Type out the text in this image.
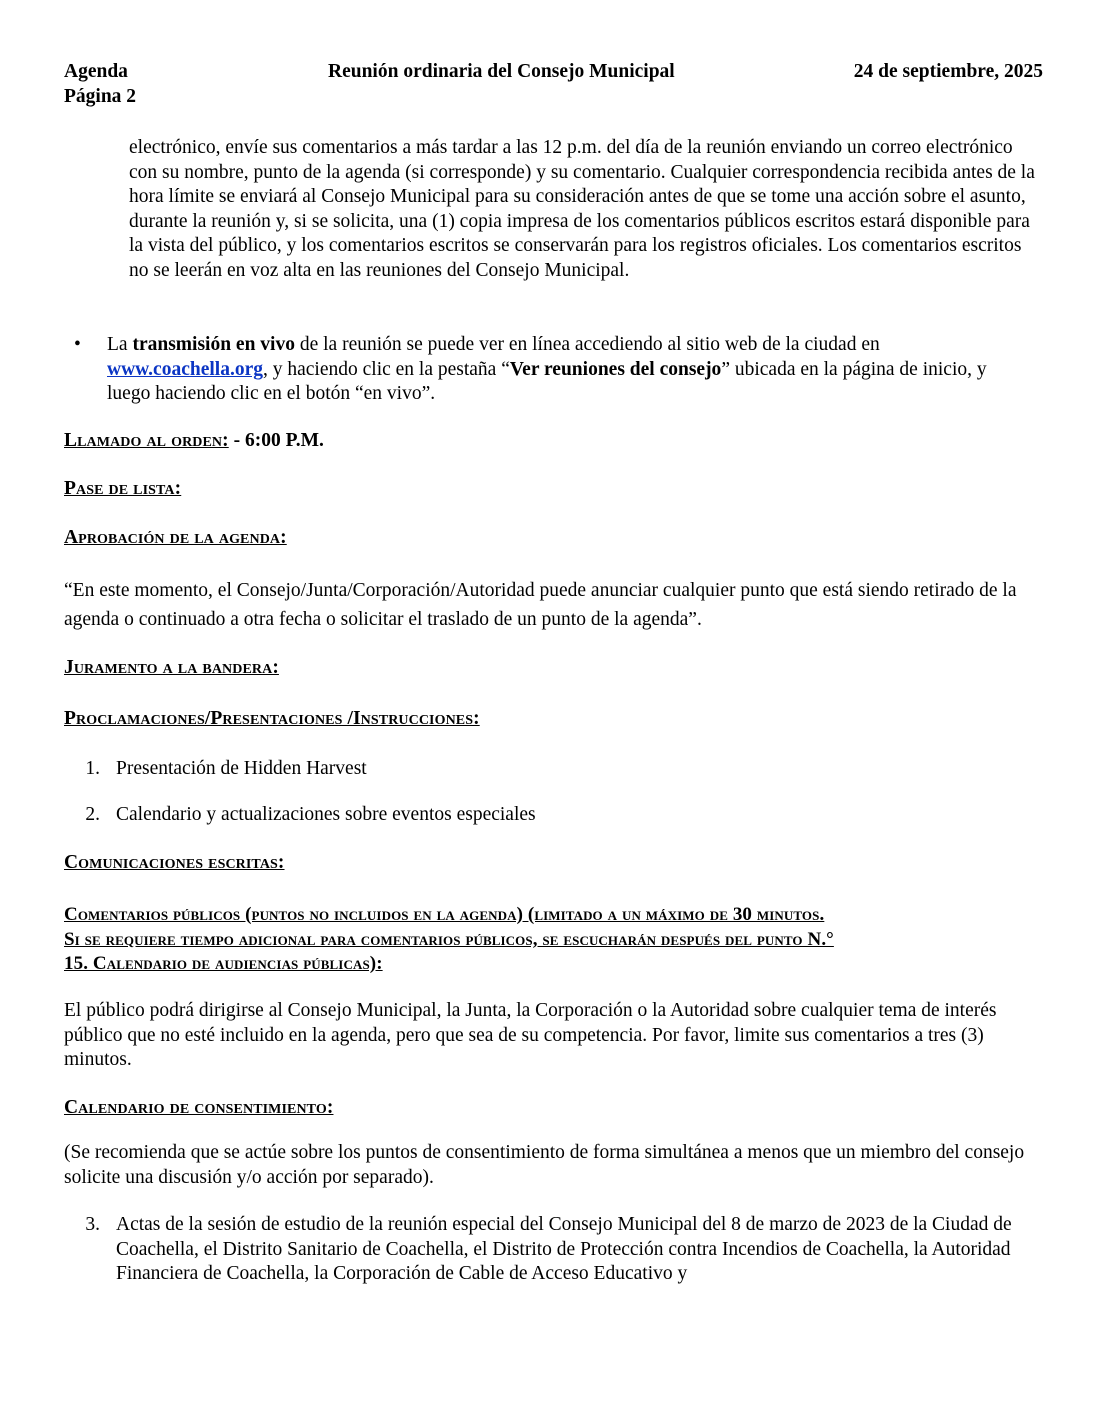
Agenda
Página 2
Reunión ordinaria del Consejo Municipal	24 de septiembre, 2025

electrónico, envíe sus comentarios a más tardar a las 12 p.m. del día de la reunión enviando un correo electrónico con su nombre, punto de la agenda (si corresponde) y su comentario. Cualquier correspondencia recibida antes de la hora límite se enviará al Consejo Municipal para su consideración antes de que se tome una acción sobre el asunto, durante la reunión y, si se solicita, una (1) copia impresa de los comentarios públicos escritos estará disponible para la vista del público, y los comentarios escritos se conservarán para los registros oficiales. Los comentarios escritos no se leerán en voz alta en las reuniones del Consejo Municipal.

• La transmisión en vivo de la reunión se puede ver en línea accediendo al sitio web de la ciudad en www.coachella.org, y haciendo clic en la pestaña “Ver reuniones del consejo” ubicada en la página de inicio, y luego haciendo clic en el botón “en vivo”.

Llamado al orden: - 6:00 P.M.
Pase de lista:
Aprobación de la agenda:

“En este momento, el Consejo/Junta/Corporación/Autoridad puede anunciar cualquier punto que está siendo retirado de la agenda o continuado a otra fecha o solicitar el traslado de un punto de la agenda”.

Juramento a la bandera:
Proclamaciones/Presentaciones /Instrucciones:
1. Presentación de Hidden Harvest
2. Calendario y actualizaciones sobre eventos especiales
Comunicaciones escritas:
Comentarios públicos (puntos no incluidos en la agenda) (limitado a un máximo de 30 minutos.
Si se requiere tiempo adicional para comentarios públicos, se escucharán después del punto N.°
15. Calendario de audiencias públicas):

El público podrá dirigirse al Consejo Municipal, la Junta, la Corporación o la Autoridad sobre cualquier tema de interés público que no esté incluido en la agenda, pero que sea de su competencia. Por favor, limite sus comentarios a tres (3) minutos.

Calendario de consentimiento:

(Se recomienda que se actúe sobre los puntos de consentimiento de forma simultánea a menos que un miembro del consejo solicite una discusión y/o acción por separado).

3. Actas de la sesión de estudio de la reunión especial del Consejo Municipal del 8 de marzo de 2023 de la Ciudad de Coachella, el Distrito Sanitario de Coachella, el Distrito de Protección contra Incendios de Coachella, la Autoridad Financiera de Coachella, la Corporación de Cable de Acceso Educativo y
